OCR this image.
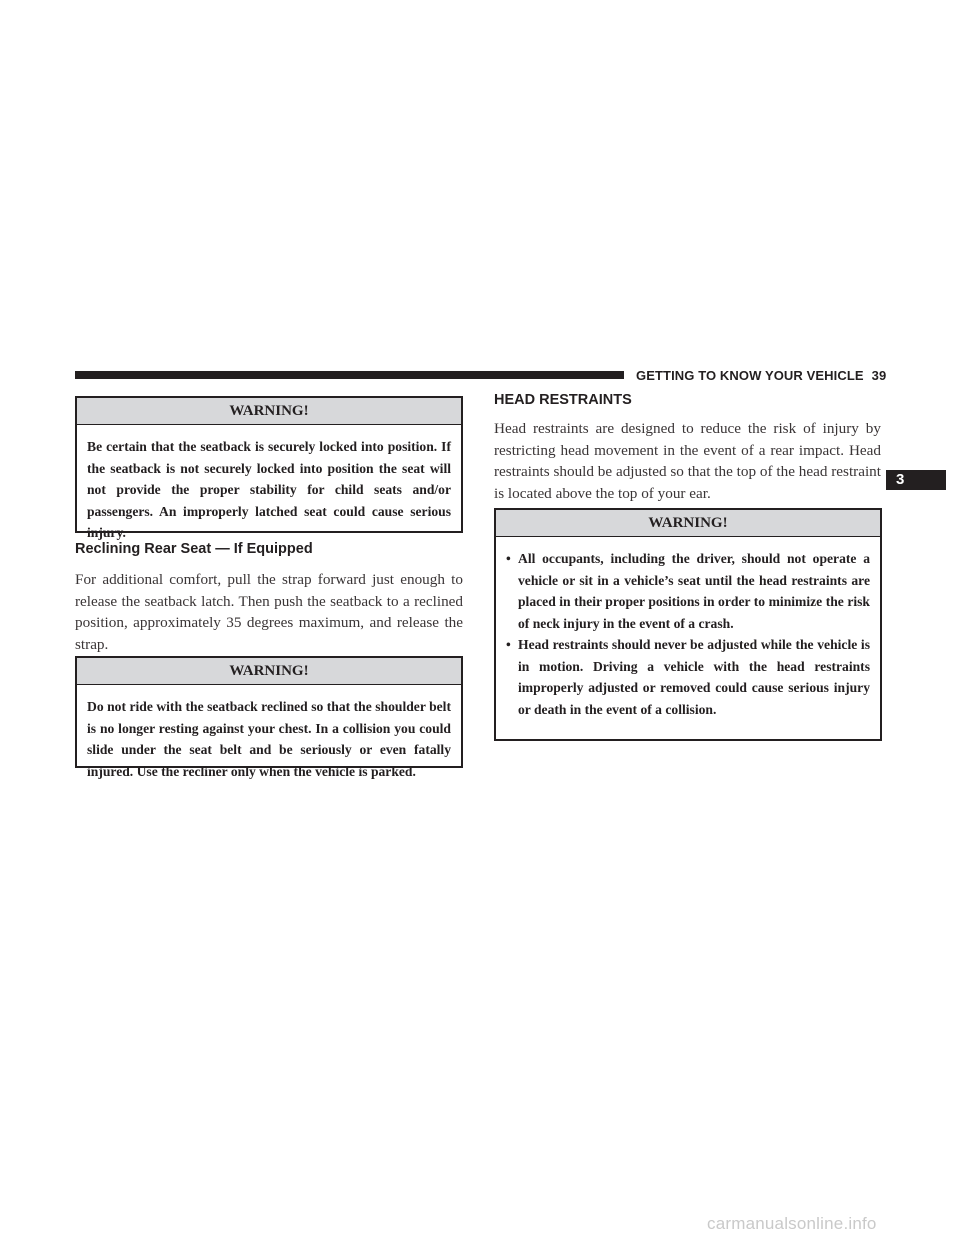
GETTING TO KNOW YOUR VEHICLE 39
3
WARNING!
Be certain that the seatback is securely locked into position. If the seatback is not securely locked into position the seat will not provide the proper stability for child seats and/or passengers. An improperly latched seat could cause serious injury.
Reclining Rear Seat — If Equipped
For additional comfort, pull the strap forward just enough to release the seatback latch. Then push the seatback to a reclined position, approximately 35 degrees maximum, and release the strap.
WARNING!
Do not ride with the seatback reclined so that the shoulder belt is no longer resting against your chest. In a collision you could slide under the seat belt and be seriously or even fatally injured. Use the recliner only when the vehicle is parked.
HEAD RESTRAINTS
Head restraints are designed to reduce the risk of injury by restricting head movement in the event of a rear impact. Head restraints should be adjusted so that the top of the head restraint is located above the top of your ear.
WARNING!
• All occupants, including the driver, should not operate a vehicle or sit in a vehicle’s seat until the head restraints are placed in their proper positions in order to minimize the risk of neck injury in the event of a crash.
• Head restraints should never be adjusted while the vehicle is in motion. Driving a vehicle with the head restraints improperly adjusted or removed could cause serious injury or death in the event of a collision.
carmanualsonline.info
